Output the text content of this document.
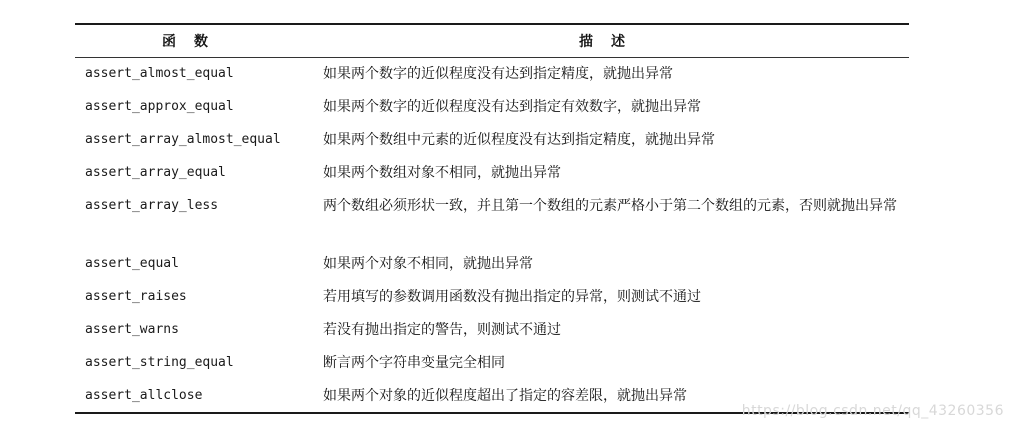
函数	描述
assert_almost_equal	如果两个数字的近似程度没有达到指定精度，就抛出异常
assert_approx_equal	如果两个数字的近似程度没有达到指定有效数字，就抛出异常
assert_array_almost_equal	如果两个数组中元素的近似程度没有达到指定精度，就抛出异常
assert_array_equal	如果两个数组对象不相同，就抛出异常
assert_array_less	两个数组必须形状一致，并且第一个数组的元素严格小于第二个数组的元素，否则就抛出异常
assert_equal	如果两个对象不相同，就抛出异常
assert_raises	若用填写的参数调用函数没有抛出指定的异常，则测试不通过
assert_warns	若没有抛出指定的警告，则测试不通过
assert_string_equal	断言两个字符串变量完全相同
assert_allclose	如果两个对象的近似程度超出了指定的容差限，就抛出异常
https://blog.csdn.net/qq_43260356
